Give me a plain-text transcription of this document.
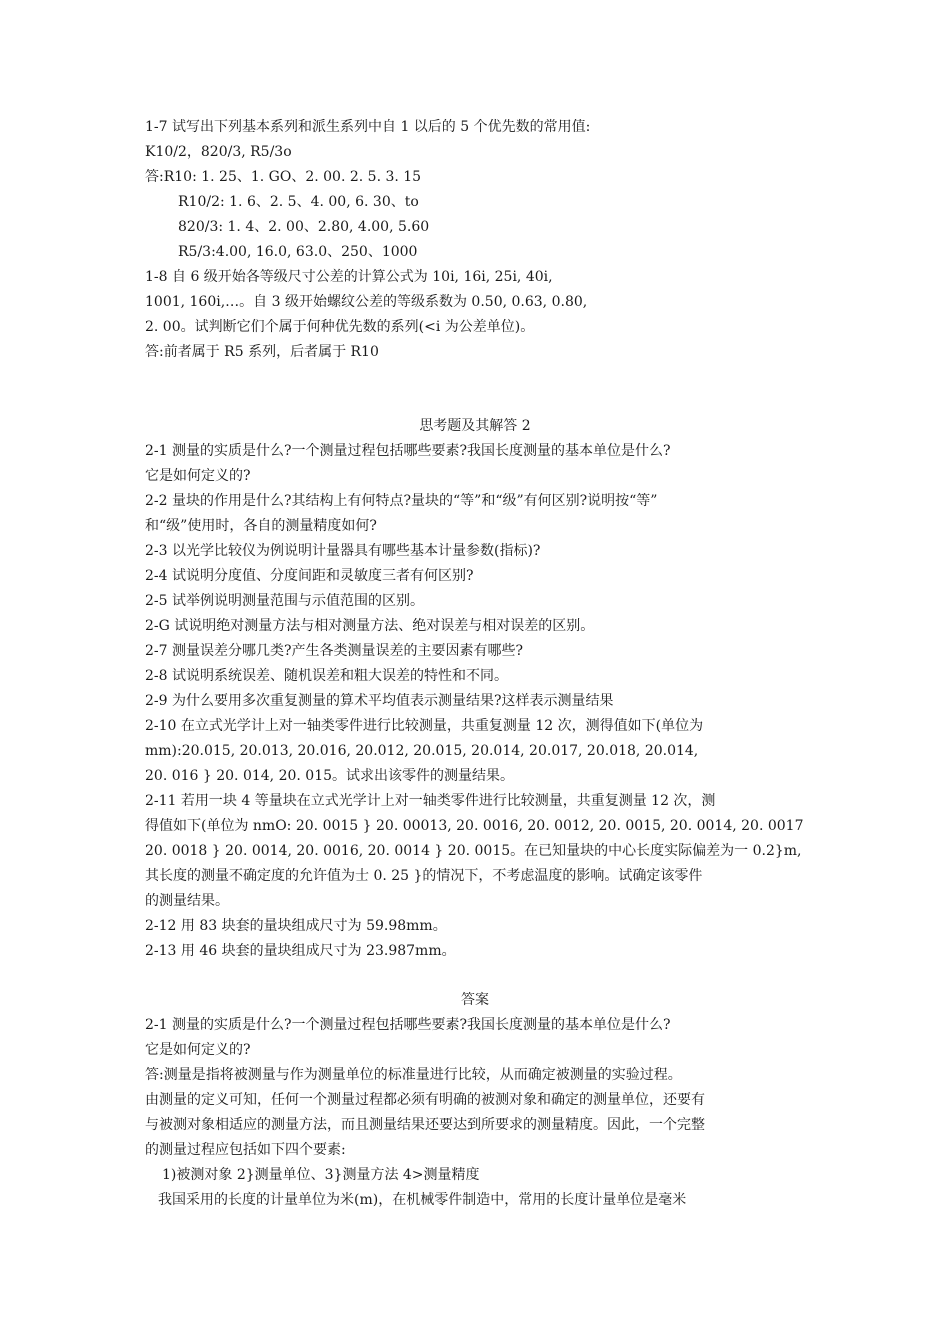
1-7 试写出下列基本系列和派生系列中自 1 以后的 5 个优先数的常用值:
K10/2，820/3, R5/3o
答:R10: 1. 25、1. GO、2. 00. 2. 5. 3. 15
R10/2: 1. 6、2. 5、4. 00, 6. 30、to
820/3: 1. 4、2. 00、2.80, 4.00, 5.60
R5/3:4.00, 16.0, 63.0、250、1000
1-8 自 6 级开始各等级尺寸公差的计算公式为 10i, 16i, 25i, 40i,
1001, 160i,…。自 3 级开始螺纹公差的等级系数为 0.50, 0.63, 0.80,
2. 00。试判断它们个属于何种优先数的系列(<i 为公差单位)。
答:前者属于 R5 系列，后者属于 R10
思考题及其解答 2
2-1 测量的实质是什么?一个测量过程包括哪些要素?我国长度测量的基本单位是什么?
它是如何定义的?
2-2 量块的作用是什么?其结构上有何特点?量块的“等”和“级”有何区别?说明按“等”
和“级”使用时，各自的测量精度如何?
2-3 以光学比较仪为例说明计量器具有哪些基本计量参数(指标)?
2-4 试说明分度值、分度间距和灵敏度三者有何区别?
2-5 试举例说明测量范围与示值范围的区别。
2-G 试说明绝对测量方法与相对测量方法、绝对误差与相对误差的区别。
2-7 测量误差分哪几类?产生各类测量误差的主要因素有哪些?
2-8 试说明系统误差、随机误差和粗大误差的特性和不同。
2-9 为什么要用多次重复测量的算术平均值表示测量结果?这样表示测量结果
2-10 在立式光学计上对一轴类零件进行比较测量，共重复测量 12 次，测得值如下(单位为
mm):20.015, 20.013, 20.016, 20.012, 20.015, 20.014, 20.017, 20.018, 20.014,
20. 016 } 20. 014, 20. 015。试求出该零件的测量结果。
2-11 若用一块 4 等量块在立式光学计上对一轴类零件进行比较测量，共重复测量 12 次，测
得值如下(单位为 nmO: 20. 0015 } 20. 00013, 20. 0016, 20. 0012, 20. 0015, 20. 0014, 20. 0017
20. 0018 } 20. 0014, 20. 0016, 20. 0014 } 20. 0015。在已知量块的中心长度实际偏差为一 0.2}m,
其长度的测量不确定度的允许值为士 0. 25 }的情况下，不考虑温度的影响。试确定该零件
的测量结果。
2-12 用 83 块套的量块组成尺寸为 59.98mm。
2-13 用 46 块套的量块组成尺寸为 23.987mm。
答案
2-1 测量的实质是什么?一个测量过程包括哪些要素?我国长度测量的基本单位是什么?
它是如何定义的?
答:测量是指将被测量与作为测量单位的标准量进行比较，从而确定被测量的实验过程。
由测量的定义可知，任何一个测量过程都必须有明确的被测对象和确定的测量单位，还要有
与被测对象相适应的测量方法，而且测量结果还要达到所要求的测量精度。因此，一个完整
的测量过程应包括如下四个要素:
1)被测对象 2}测量单位、3}测量方法 4>测量精度
我国采用的长度的计量单位为米(m)，在机械零件制造中，常用的长度计量单位是毫米
